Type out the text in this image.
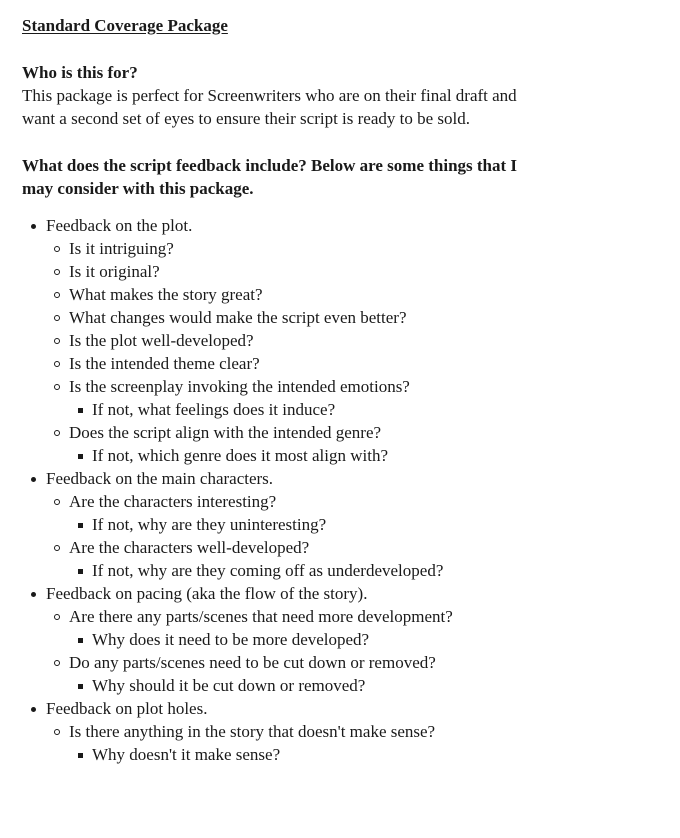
Standard Coverage Package
Who is this for?

This package is perfect for Screenwriters who are on their final draft and want a second set of eyes to ensure their script is ready to be sold.

What does the script feedback include? Below are some things that I may consider with this package.
Feedback on the plot.
Is it intriguing?
Is it original?
What makes the story great?
What changes would make the script even better?
Is the plot well-developed?
Is the intended theme clear?
Is the screenplay invoking the intended emotions?
If not, what feelings does it induce?
Does the script align with the intended genre?
If not, which genre does it most align with?
Feedback on the main characters.
Are the characters interesting?
If not, why are they uninteresting?
Are the characters well-developed?
If not, why are they coming off as underdeveloped?
Feedback on pacing (aka the flow of the story).
Are there any parts/scenes that need more development?
Why does it need to be more developed?
Do any parts/scenes need to be cut down or removed?
Why should it be cut down or removed?
Feedback on plot holes.
Is there anything in the story that doesn't make sense?
Why doesn't it make sense?
